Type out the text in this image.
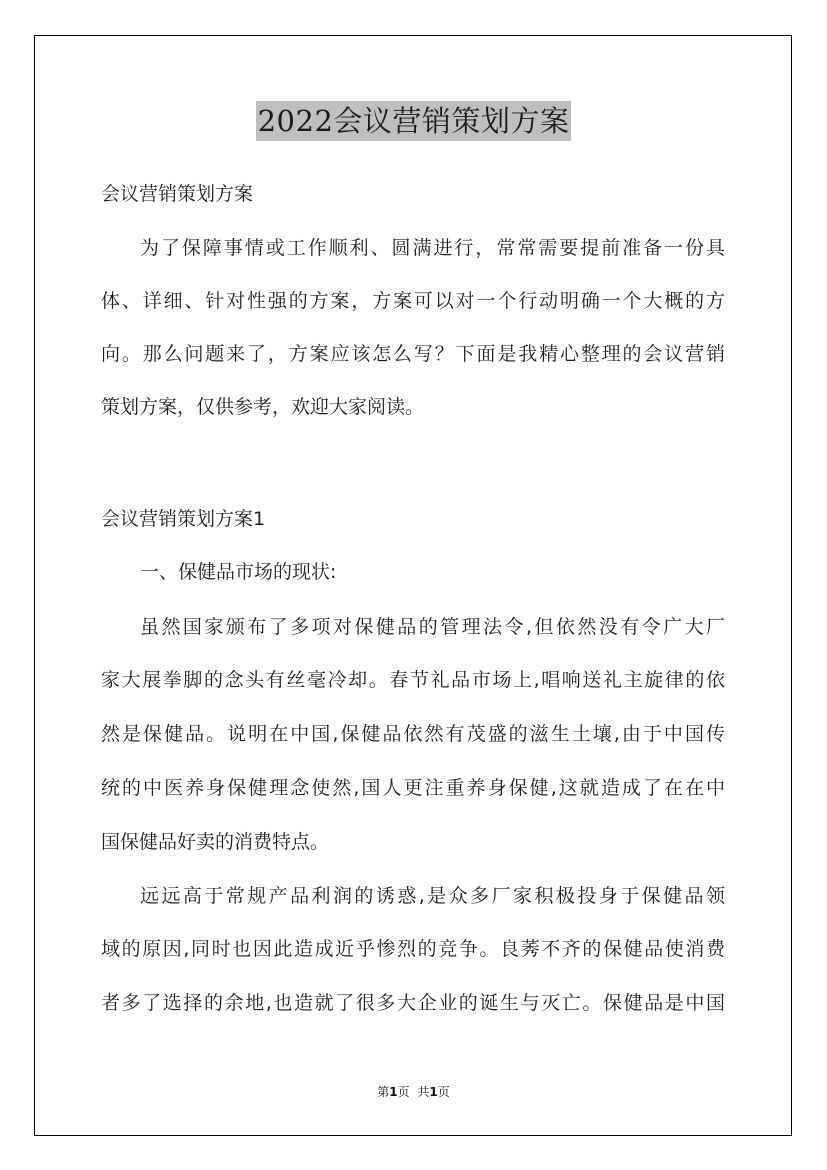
2022会议营销策划方案
会议营销策划方案
为了保障事情或工作顺利、圆满进行，常常需要提前准备一份具
体、详细、针对性强的方案，方案可以对一个行动明确一个大概的方
向。那么问题来了，方案应该怎么写？下面是我精心整理的会议营销
策划方案，仅供参考，欢迎大家阅读。
会议营销策划方案1
一、保健品市场的现状:
虽然国家颁布了多项对保健品的管理法令,但依然没有令广大厂
家大展拳脚的念头有丝毫冷却。春节礼品市场上,唱响送礼主旋律的依
然是保健品。说明在中国,保健品依然有茂盛的滋生土壤,由于中国传
统的中医养身保健理念使然,国人更注重养身保健,这就造成了在在中
国保健品好卖的消费特点。
远远高于常规产品利润的诱惑,是众多厂家积极投身于保健品领
域的原因,同时也因此造成近乎惨烈的竞争。良莠不齐的保健品使消费
者多了选择的余地,也造就了很多大企业的诞生与灭亡。保健品是中国
第1页 共1页
